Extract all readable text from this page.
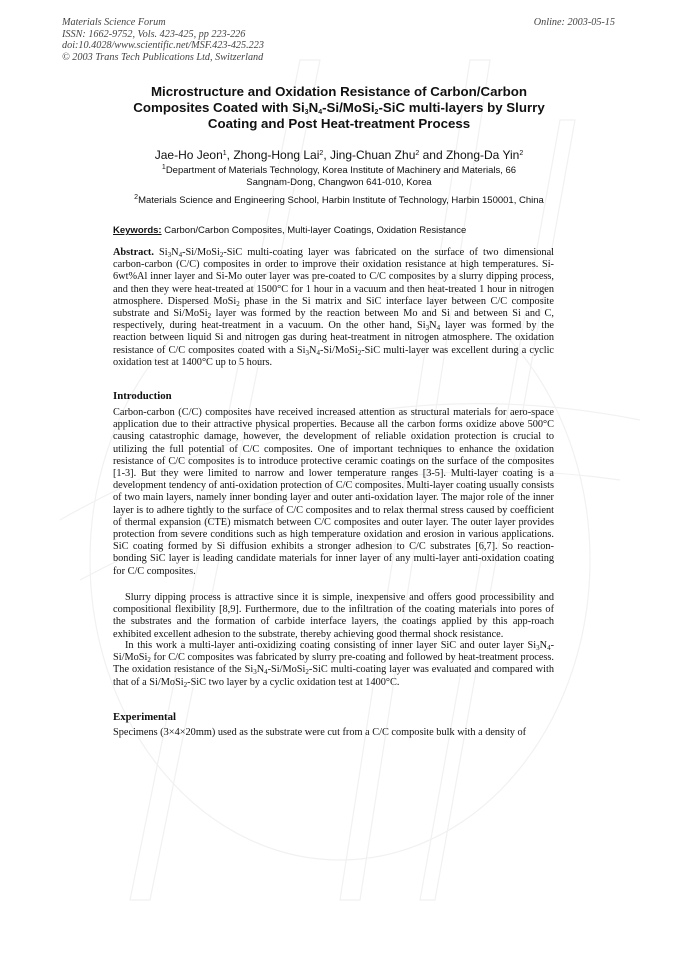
Materials Science Forum
ISSN: 1662-9752, Vols. 423-425, pp 223-226
doi:10.4028/www.scientific.net/MSF.423-425.223
© 2003 Trans Tech Publications Ltd, Switzerland
Online: 2003-05-15
Microstructure and Oxidation Resistance of Carbon/Carbon
Composites Coated with $Si_3N_4-Si/MoSi_2$-SiC multi-layers by Slurry
Coating and Post Heat-treatment Process
Jae-Ho Jeon$^1$, Zhong-Hong Lai$^2$, Jing-Chuan Zhu$^2$ and Zhong-Da Yin$^2$
$^1$Department of Materials Technology, Korea Institute of Machinery and Materials, 66
Sangnam-Dong, Changwon 641-010, Korea
$^2$Materials Science and Engineering School, Harbin Institute of Technology, Harbin 150001, China
Keywords: Carbon/Carbon Composites, Multi-layer Coatings, Oxidation Resistance
Abstract. $Si_3N_4-Si/MoSi_2$-SiC multi-coating layer was fabricated on the surface of two dimensional carbon-carbon (C/C) composites in order to improve their oxidation resistance at high temperatures. Si-6wt%Al inner layer and Si-Mo outer layer was pre-coated to C/C composites by a slurry dipping process, and then they were heat-treated at 1500°C for 1 hour in a vacuum and then heat-treated 1 hour in nitrogen atmosphere. Dispersed MoSi$_2$ phase in the Si matrix and SiC interface layer between C/C composite substrate and Si/MoSi$_2$ layer was formed by the reaction between Mo and Si and between Si and C, respectively, during heat-treatment in a vacuum. On the other hand, $Si_3N_4$ layer was formed by the reaction between liquid Si and nitrogen gas during heat-treatment in nitrogen atmosphere. The oxidation resistance of C/C composites coated with a $Si_3N_4-Si/MoSi_2$-SiC multi-layer was excellent during a cyclic oxidation test at 1400°C up to 5 hours.
Introduction
Carbon-carbon (C/C) composites have received increased attention as structural materials for aero-space application due to their attractive physical properties. Because all the carbon forms oxidize above 500°C causing catastrophic damage, however, the development of reliable oxidation protection is crucial to utilizing the full potential of C/C composites. One of important techniques to enhance the oxidation resistance of C/C composites is to introduce protective ceramic coatings on the surface of the composites [1-3]. But they were limited to narrow and lower temperature ranges [3-5]. Multi-layer coating is a development tendency of anti-oxidation protection of C/C composites. Multi-layer coating usually consists of two main layers, namely inner bonding layer and outer anti-oxidation layer. The major role of the inner layer is to adhere tightly to the surface of C/C composites and to relax thermal stress caused by coefficient of thermal expansion (CTE) mismatch between C/C composites and outer layer. The outer layer provides protection from severe conditions such as high temperature oxidation and erosion in various applications. SiC coating formed by Si diffusion exhibits a stronger adhesion to C/C substrates [6,7]. So reaction-bonding SiC layer is leading candidate materials for inner layer of any multi-layer anti-oxidation coating for C/C composites.
Slurry dipping process is attractive since it is simple, inexpensive and offers good processibility and compositional flexibility [8,9]. Furthermore, due to the infiltration of the coating materials into pores of the substrates and the formation of carbide interface layers, the coatings applied by this app-roach exhibited excellent adhesion to the substrate, thereby achieving good thermal shock resistance.
In this work a multi-layer anti-oxidizing coating consisting of inner layer SiC and outer layer $Si_3N_4-Si/MoSi_2$ for C/C composites was fabricated by slurry pre-coating and followed by heat-treatment process. The oxidation resistance of the $Si_3N_4-Si/MoSi_2$-SiC multi-coating layer was evaluated and compared with that of a Si/MoSi$_2$-SiC two layer by a cyclic oxidation test at 1400°C.
Experimental
Specimens (3×4×20mm) used as the substrate were cut from a C/C composite bulk with a density of
